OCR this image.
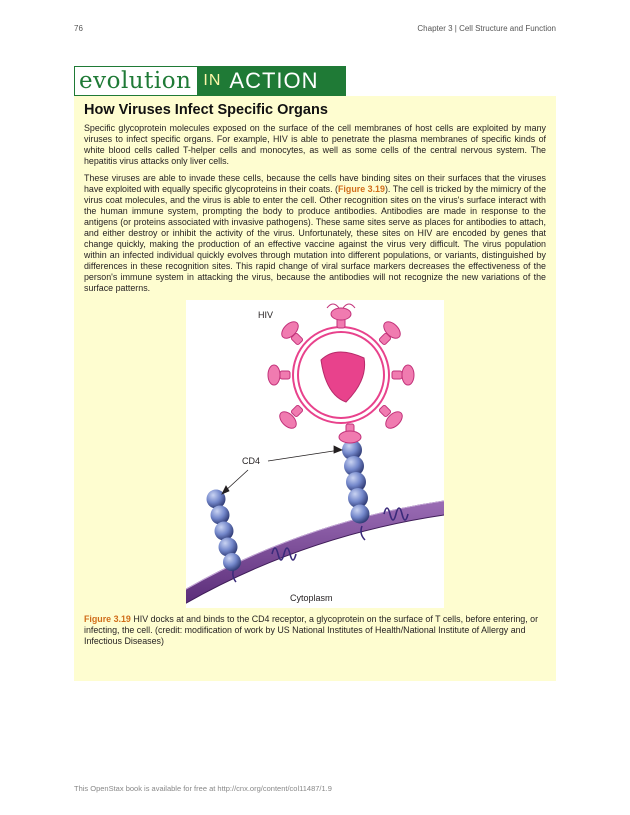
76	Chapter 3 | Cell Structure and Function
evolution IN ACTION
How Viruses Infect Specific Organs

Specific glycoprotein molecules exposed on the surface of the cell membranes of host cells are exploited by many viruses to infect specific organs. For example, HIV is able to penetrate the plasma membranes of specific kinds of white blood cells called T-helper cells and monocytes, as well as some cells of the central nervous system. The hepatitis virus attacks only liver cells.

These viruses are able to invade these cells, because the cells have binding sites on their surfaces that the viruses have exploited with equally specific glycoproteins in their coats. (Figure 3.19). The cell is tricked by the mimicry of the virus coat molecules, and the virus is able to enter the cell. Other recognition sites on the virus's surface interact with the human immune system, prompting the body to produce antibodies. Antibodies are made in response to the antigens (or proteins associated with invasive pathogens). These same sites serve as places for antibodies to attach, and either destroy or inhibit the activity of the virus. Unfortunately, these sites on HIV are encoded by genes that change quickly, making the production of an effective vaccine against the virus very difficult. The virus population within an infected individual quickly evolves through mutation into different populations, or variants, distinguished by differences in these recognition sites. This rapid change of viral surface markers decreases the effectiveness of the person's immune system in attacking the virus, because the antibodies will not recognize the new variations of the surface patterns.

HIV
CD4
Cytoplasm
Figure 3.19 HIV docks at and binds to the CD4 receptor, a glycoprotein on the surface of T cells, before entering, or infecting, the cell. (credit: modification of work by US National Institutes of Health/National Institute of Allergy and Infectious Diseases)
This OpenStax book is available for free at http://cnx.org/content/col11487/1.9
